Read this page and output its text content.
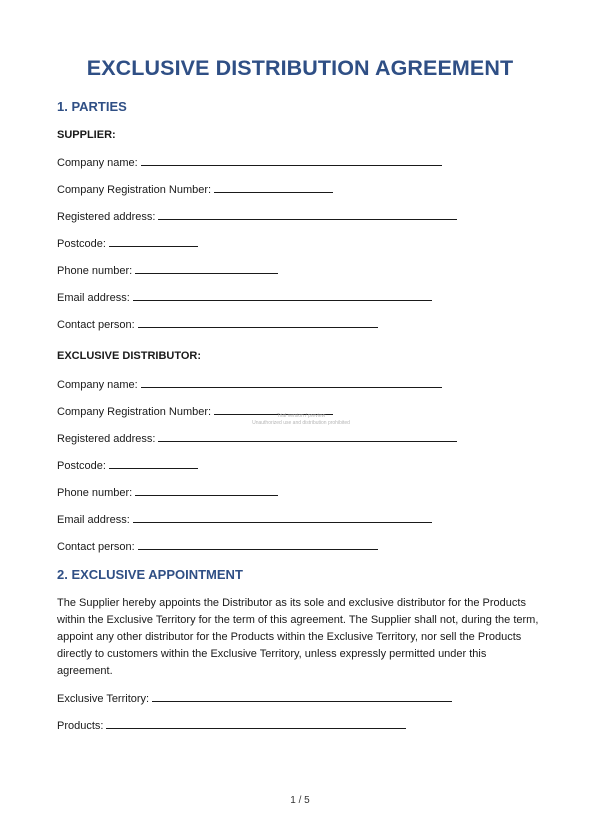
EXCLUSIVE DISTRIBUTION AGREEMENT
1. PARTIES
SUPPLIER:
Company name:
Company Registration Number:
Registered address:
Postcode:
Phone number:
Email address:
Contact person:
EXCLUSIVE DISTRIBUTOR:
Company name:
Company Registration Number:
Registered address:
Postcode:
Phone number:
Email address:
Contact person:
2. EXCLUSIVE APPOINTMENT

The Supplier hereby appoints the Distributor as its sole and exclusive distributor for the Products within the Exclusive Territory for the term of this agreement. The Supplier shall not, during the term, appoint any other distributor for the Products within the Exclusive Territory, nor sell the Products directly to customers within the Exclusive Territory, unless expressly permitted under this agreement.

Exclusive Territory:
Products:
Trial version / preview
Unauthorized use and distribution prohibited
1 / 5
